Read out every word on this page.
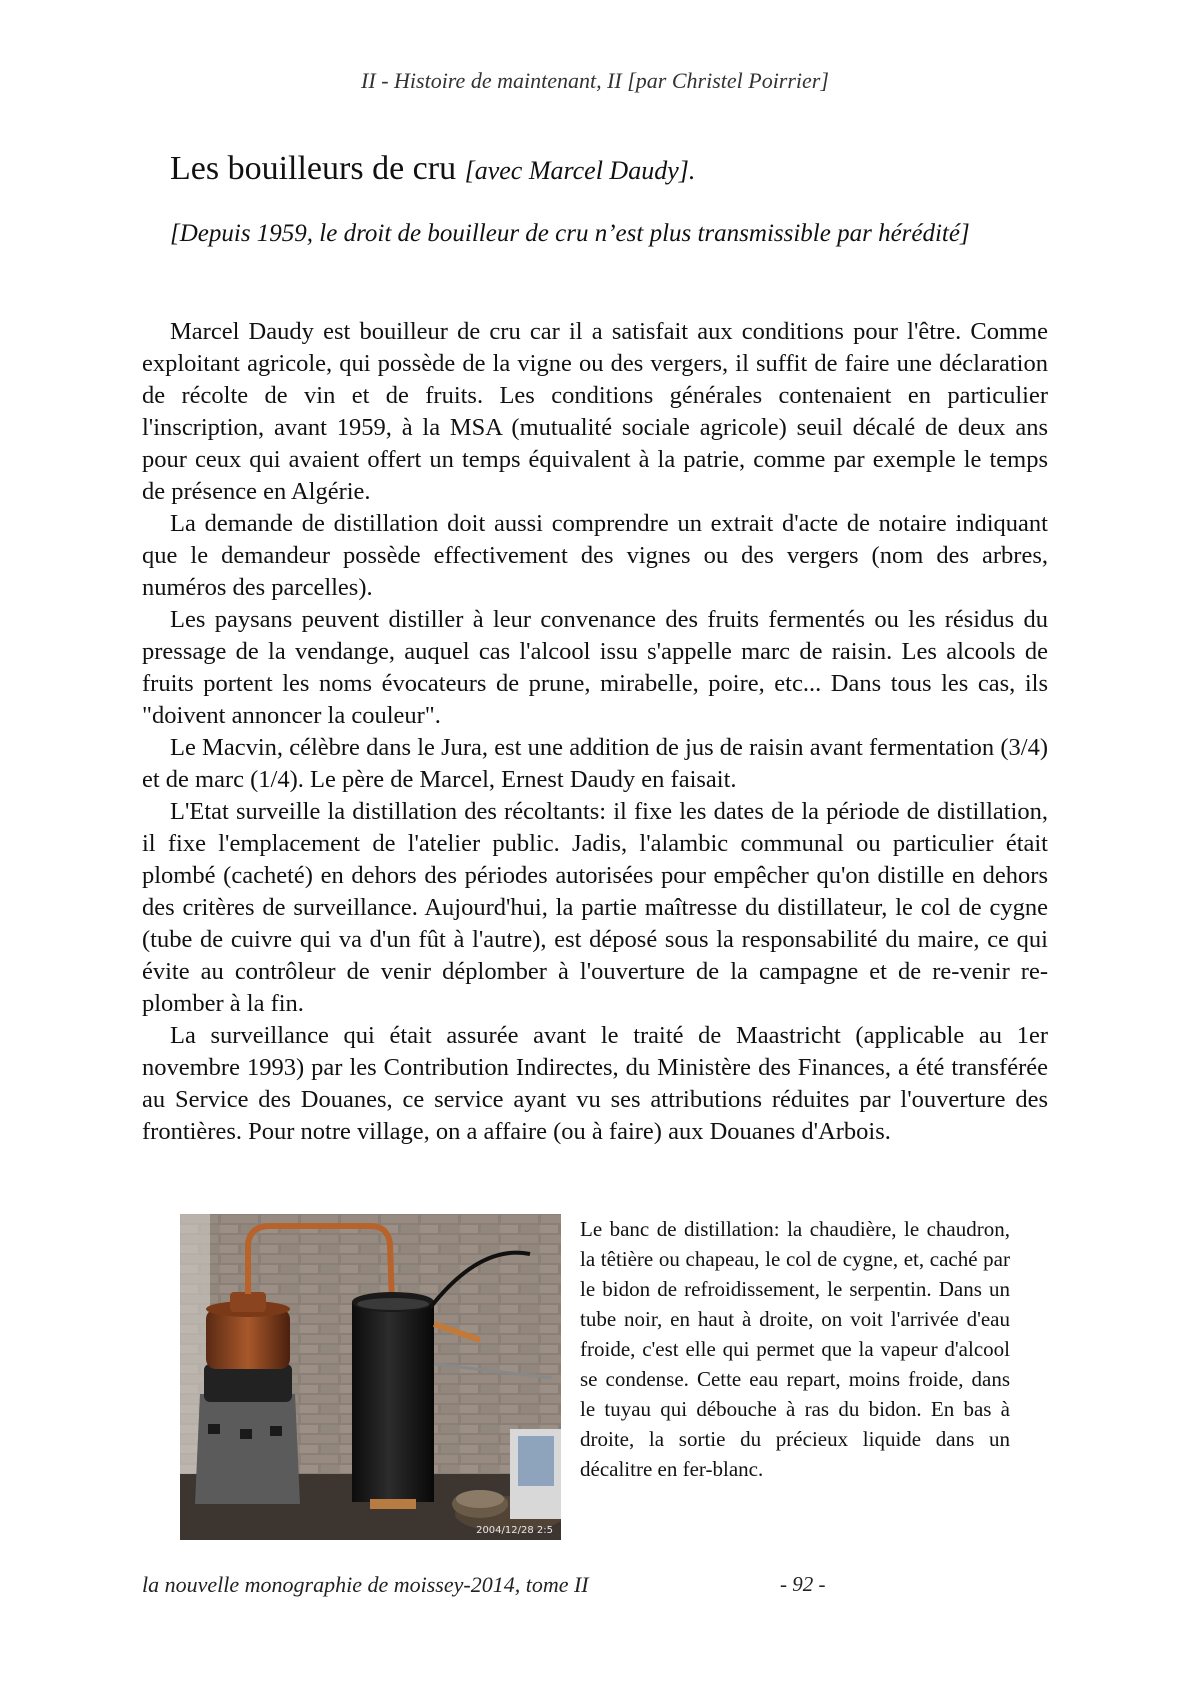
II - Histoire de maintenant, II [par Christel Poirrier]
Les bouilleurs de cru [avec Marcel Daudy].
[Depuis 1959, le droit de bouilleur de cru n’est plus transmissible par hérédité]

Marcel Daudy est bouilleur de cru car il a satisfait aux conditions pour l'être. Comme exploitant agricole, qui possède de la vigne ou des vergers, il suffit de faire une déclaration de récolte de vin et de fruits. Les conditions générales contenaient en particulier l'inscription, avant 1959, à la MSA (mutualité sociale agricole) seuil décalé de deux ans pour ceux qui avaient offert un temps équivalent à la patrie, comme par exemple le temps de présence en Algérie.

La demande de distillation doit aussi comprendre un extrait d'acte de notaire indiquant que le demandeur possède effectivement des vignes ou des vergers (nom des arbres, numéros des parcelles).

Les paysans peuvent distiller à leur convenance des fruits fermentés ou les résidus du pressage de la vendange, auquel cas l'alcool issu s'appelle marc de raisin. Les alcools de fruits portent les noms évocateurs de prune, mirabelle, poire, etc... Dans tous les cas, ils "doivent annoncer la couleur".

Le Macvin, célèbre dans le Jura, est une addition de jus de raisin avant fermentation (3/4) et de marc (1/4). Le père de Marcel, Ernest Daudy en faisait.

L'Etat surveille la distillation des récoltants: il fixe les dates de la période de distillation, il fixe l'emplacement de l'atelier public. Jadis, l'alambic communal ou particulier était plombé (cacheté) en dehors des périodes autorisées pour empêcher qu'on distille en dehors des critères de surveillance. Aujourd'hui, la partie maîtresse du distillateur, le col de cygne (tube de cuivre qui va d'un fût à l'autre), est déposé sous la responsabilité du maire, ce qui évite au contrôleur de venir déplomber à l'ouverture de la campagne et de re-venir re-plomber à la fin.

La surveillance qui était assurée avant le traité de Maastricht (applicable au 1er novembre 1993) par les Contribution Indirectes, du Ministère des Finances, a été transférée au Service des Douanes, ce service ayant vu ses attributions réduites par l'ouverture des frontières. Pour notre village, on a affaire (ou à faire) aux Douanes d'Arbois.

2004/12/28 2:5
Le banc de distillation: la chaudière, le chaudron, la têtière ou chapeau, le col de cygne, et, caché par le bidon de refroidissement, le serpentin. Dans un tube noir, en haut à droite, on voit l'arrivée d'eau froide, c'est elle qui permet que la vapeur d'alcool se condense. Cette eau repart, moins froide, dans le tuyau qui débouche à ras du bidon. En bas à droite, la sortie du précieux liquide dans un décalitre en fer-blanc.
la nouvelle monographie de moissey-2014, tome II	- 92 -
